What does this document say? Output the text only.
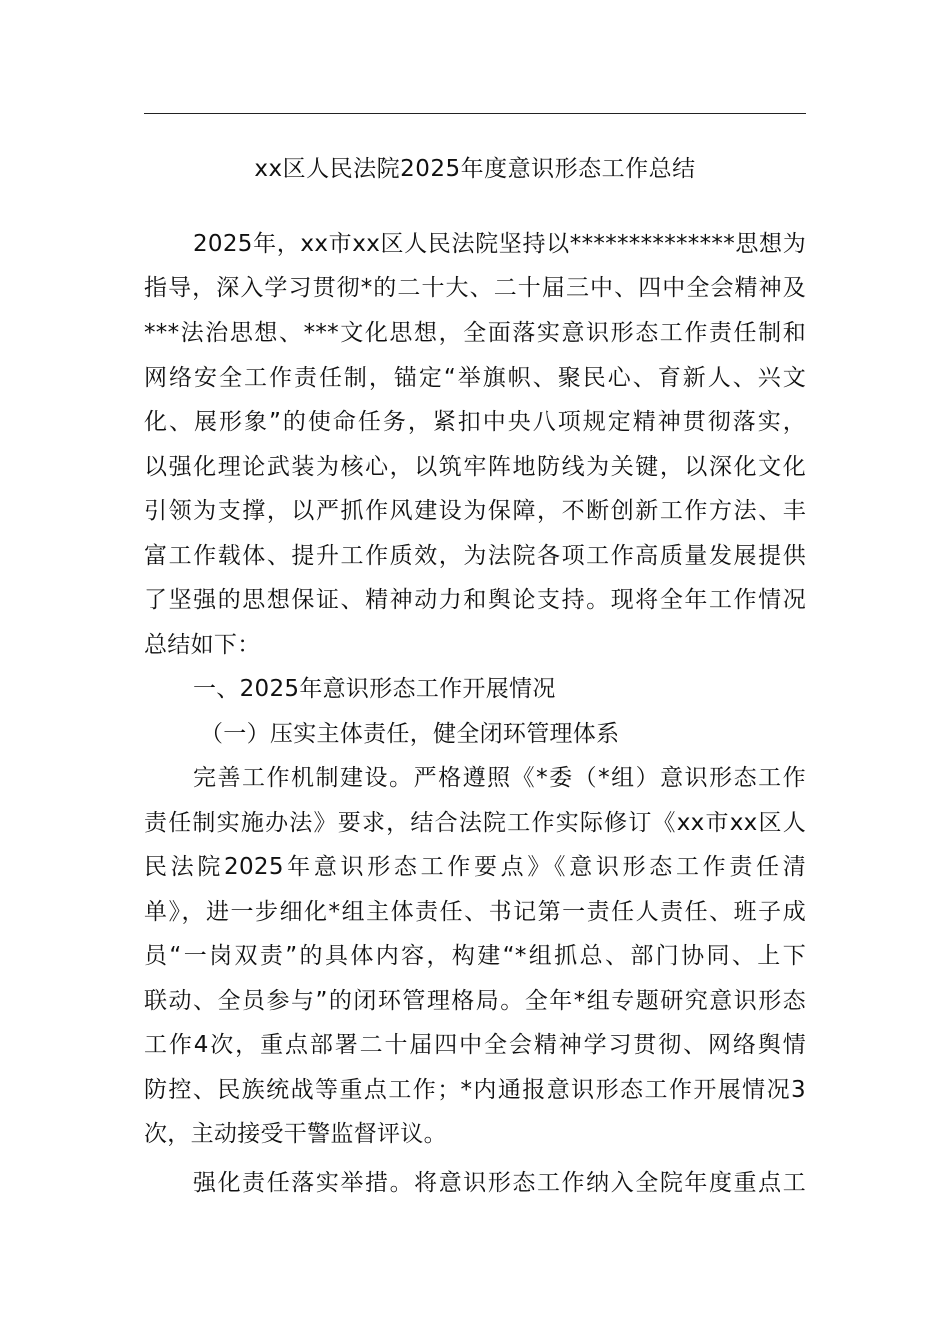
xx区人民法院2025年度意识形态工作总结
2025年，xx市xx区人民法院坚持以**************思想为
指导，深入学习贯彻*的二十大、二十届三中、四中全会精神及
***法治思想、***文化思想，全面落实意识形态工作责任制和
网络安全工作责任制，锚定“举旗帜、聚民心、育新人、兴文
化、展形象”的使命任务，紧扣中央八项规定精神贯彻落实，
以强化理论武装为核心，以筑牢阵地防线为关键，以深化文化
引领为支撑，以严抓作风建设为保障，不断创新工作方法、丰
富工作载体、提升工作质效，为法院各项工作高质量发展提供
了坚强的思想保证、精神动力和舆论支持。现将全年工作情况
总结如下：
一、2025年意识形态工作开展情况
（一）压实主体责任，健全闭环管理体系
完善工作机制建设。严格遵照《*委（*组）意识形态工作
责任制实施办法》要求，结合法院工作实际修订《xx市xx区人
民法院2025年意识形态工作要点》《意识形态工作责任清
单》，进一步细化*组主体责任、书记第一责任人责任、班子成
员“一岗双责”的具体内容，构建“*组抓总、部门协同、上下
联动、全员参与”的闭环管理格局。全年*组专题研究意识形态
工作4次，重点部署二十届四中全会精神学习贯彻、网络舆情
防控、民族统战等重点工作；*内通报意识形态工作开展情况3
次，主动接受干警监督评议。
强化责任落实举措。将意识形态工作纳入全院年度重点工
